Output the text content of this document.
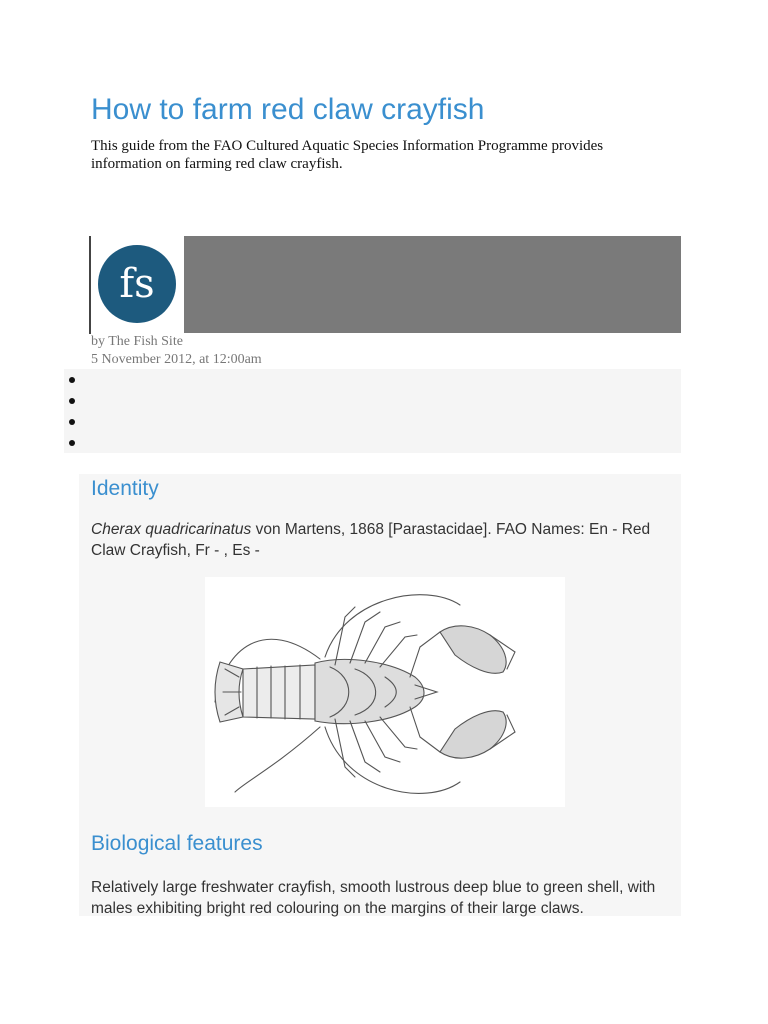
How to farm red claw crayfish

This guide from the FAO Cultured Aquatic Species Information Programme provides information on farming red claw crayfish.

fs
by The Fish Site
5 November 2012, at 12:00am
Identity

Cherax quadricarinatus von Martens, 1868 [Parastacidae]. FAO Names: En - Red Claw Crayfish, Fr - , Es -

Biological features

Relatively large freshwater crayfish, smooth lustrous deep blue to green shell, with males exhibiting bright red colouring on the margins of their large claws.
